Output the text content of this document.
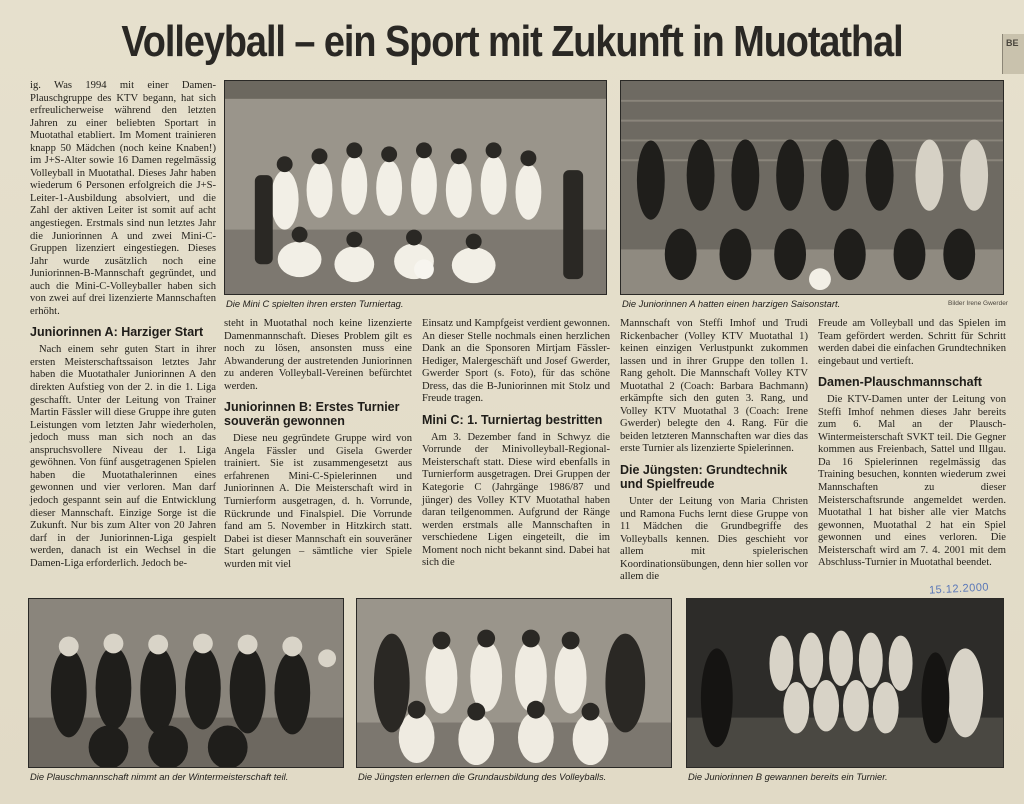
Volleyball – ein Sport mit Zukunft in Muotathal	BE

ig. Was 1994 mit einer Damen-Plauschgruppe des KTV begann, hat sich erfreulicherweise während den letzten Jahren zu einer beliebten Sportart in Muotathal etabliert. Im Moment trainieren knapp 50 Mädchen (noch keine Knaben!) im J+S-Alter sowie 16 Damen regelmässig Volleyball in Muotathal. Dieses Jahr haben wiederum 6 Personen erfolgreich die J+S-Leiter-1-Ausbildung absolviert, und die Zahl der aktiven Leiter ist somit auf acht angestiegen. Erstmals sind nun letztes Jahr die Juniorinnen A und zwei Mini-C-Gruppen lizenziert eingestiegen. Dieses Jahr wurde zusätzlich noch eine Juniorinnen-B-Mannschaft gegründet, und auch die Mini-C-Volleyballer haben sich von zwei auf drei lizenzierte Mannschaften erhöht.

Juniorinnen A: Harziger Start

Nach einem sehr guten Start in ihrer ersten Meisterschaftssaison letztes Jahr haben die Muotathaler Juniorinnen A den direkten Aufstieg von der 2. in die 1. Liga geschafft. Unter der Leitung von Trainer Martin Fässler will diese Gruppe ihre guten Leistungen vom letzten Jahr wiederholen, jedoch muss man sich noch an das anspruchsvollere Niveau der 1. Liga gewöhnen. Von fünf ausgetragenen Spielen haben die Muotathalerinnen eines gewonnen und vier verloren. Man darf jedoch gespannt sein auf die Entwicklung dieser Mannschaft. Einzige Sorge ist die Zukunft. Nur bis zum Alter von 20 Jahren darf in der Juniorinnen-Liga gespielt werden, danach ist ein Wechsel in die Damen-Liga erforderlich. Jedoch be-

Die Mini C spielten ihren ersten Turniertag.	Die Juniorinnen A hatten einen harzigen Saisonstart.	Bilder Irene Gwerder

steht in Muotathal noch keine lizenzierte Damenmannschaft. Dieses Problem gilt es noch zu lösen, ansonsten muss eine Abwanderung der austretenden Juniorinnen zu anderen Volleyball-Vereinen befürchtet werden.

Juniorinnen B: Erstes Turnier souverän gewonnen

Diese neu gegründete Gruppe wird von Angela Fässler und Gisela Gwerder trainiert. Sie ist zusammengesetzt aus erfahrenen Mini-C-Spielerinnen und Juniorinnen A. Die Meisterschaft wird in Turnierform ausgetragen, d. h. Vorrunde, Rückrunde und Finalspiel. Die Vorrunde fand am 5. November in Hitzkirch statt. Dabei ist dieser Mannschaft ein souveräner Start gelungen – sämtliche vier Spiele wurden mit viel

Einsatz und Kampfgeist verdient gewonnen. An dieser Stelle nochmals einen herzlichen Dank an die Sponsoren Mirtjam Fässler-Hediger, Malergeschäft und Josef Gwerder, Gwerder Sport (s. Foto), für das schöne Dress, das die B-Juniorinnen mit Stolz und Freude tragen.

Mini C: 1. Turniertag bestritten

Am 3. Dezember fand in Schwyz die Vorrunde der Minivolleyball-Regional-Meisterschaft statt. Diese wird ebenfalls in Turnierform ausgetragen. Drei Gruppen der Kategorie C (Jahrgänge 1986/87 und jünger) des Volley KTV Muotathal haben daran teilgenommen. Aufgrund der Ränge werden erstmals alle Mannschaften in verschiedene Ligen eingeteilt, die im Moment noch nicht bekannt sind. Dabei hat sich die

Mannschaft von Steffi Imhof und Trudi Rickenbacher (Volley KTV Muotathal 1) keinen einzigen Verlustpunkt zukommen lassen und in ihrer Gruppe den tollen 1. Rang geholt. Die Mannschaft Volley KTV Muotathal 2 (Coach: Barbara Bachmann) erkämpfte sich den guten 3. Rang, und Volley KTV Muotathal 3 (Coach: Irene Gwerder) belegte den 4. Rang. Für die beiden letzteren Mannschaften war dies das erste Turnier als lizenzierte Spielerinnen.

Die Jüngsten: Grundtechnik und Spielfreude

Unter der Leitung von Maria Christen und Ramona Fuchs lernt diese Gruppe von 11 Mädchen die Grundbegriffe des Volleyballs kennen. Dies geschieht vor allem mit spielerischen Koordinationsübungen, denn hier sollen vor allem die

Freude am Volleyball und das Spielen im Team gefördert werden. Schritt für Schritt werden dabei die einfachen Grundtechniken eingebaut und vertieft.

Damen-Plauschmannschaft

Die KTV-Damen unter der Leitung von Steffi Imhof nehmen dieses Jahr bereits zum 6. Mal an der Plausch-Wintermeisterschaft SVKT teil. Die Gegner kommen aus Freienbach, Sattel und Illgau. Da 16 Spielerinnen regelmässig das Training besuchen, konnten wiederum zwei Mannschaften zu dieser Meisterschaftsrunde angemeldet werden. Muotathal 1 hat bisher alle vier Matchs gewonnen, Muotathal 2 hat ein Spiel gewonnen und eines verloren. Die Meisterschaft wird am 7. 4. 2001 mit dem Abschluss-Turnier in Muotathal beendet.

15.12.2000
Die Plauschmannschaft nimmt an der Wintermeisterschaft teil.	Die Jüngsten erlernen die Grundausbildung des Volleyballs.	Die Juniorinnen B gewannen bereits ein Turnier.
